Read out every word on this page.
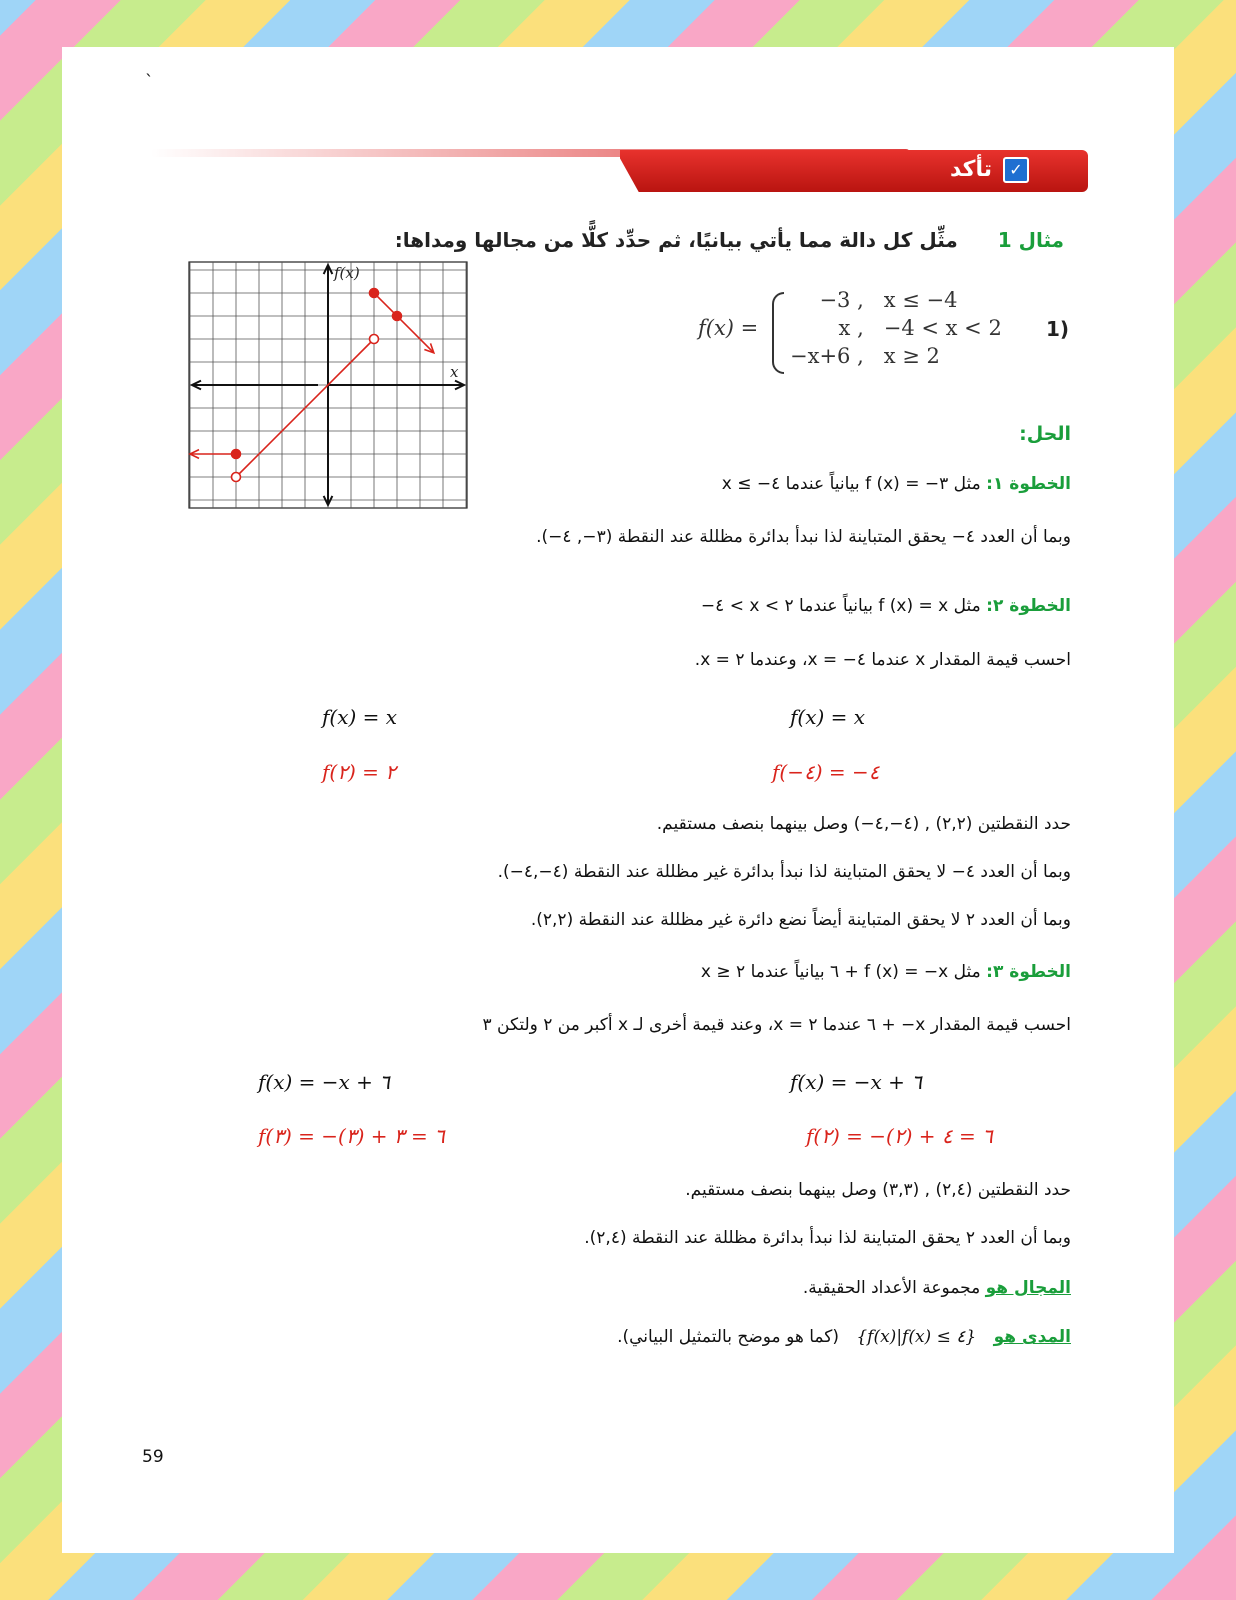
`
✓
تأكد
مثال 1  مثِّل كل دالة مما يأتي بيانيًا، ثم حدِّد كلًّا من مجالها ومداها:
1)
f(x) =
−3 ,	x ≤ −4
x ,	−4 < x < 2
−x+6 ,	x ≥ 2
f(x)
x
الحل:
الخطوة ١: مثل ٣− = (f (x بيانياً عندما ٤− ≥ x
وبما أن العدد ٤− يحقق المتباينة لذا نبدأ بدائرة مظللة عند النقطة (٣−, ٤−).
الخطوة ٢: مثل f (x) = x بيانياً عندما ٢ > x > ٤−
احسب قيمة المقدار x عندما ٤− = x، وعندما ٢ = x.
f(x) = x
f(−٤) = −٤
f(x) = x
f(٢) = ٢
حدد النقطتين (٢,٢) , (٤−,٤−) وصل بينهما بنصف مستقيم.
وبما أن العدد ٤− لا يحقق المتباينة لذا نبدأ بدائرة غير مظللة عند النقطة (٤−,٤−).
وبما أن العدد ٢ لا يحقق المتباينة أيضاً نضع دائرة غير مظللة عند النقطة (٢,٢).
الخطوة ٣: مثل f (x) = −x + ٦ بيانياً عندما ٢ ≤ x
احسب قيمة المقدار x− + ٦ عندما ٢ = x، وعند قيمة أخرى لـ x أكبر من ٢ ولتكن ٣
f(x) = −x + ٦
f(٢) = −(٢) + ٦ = ٤
f(x) = −x + ٦
f(٣) = −(٣) + ٦ = ٣
حدد النقطتين (٢,٤) , (٣,٣) وصل بينهما بنصف مستقيم.
وبما أن العدد ٢ يحقق المتباينة لذا نبدأ بدائرة مظللة عند النقطة (٢,٤).
المجال هو مجموعة الأعداد الحقيقية.
المدى هو {f(x)|f(x) ≤ ٤} (كما هو موضح بالتمثيل البياني).
59
